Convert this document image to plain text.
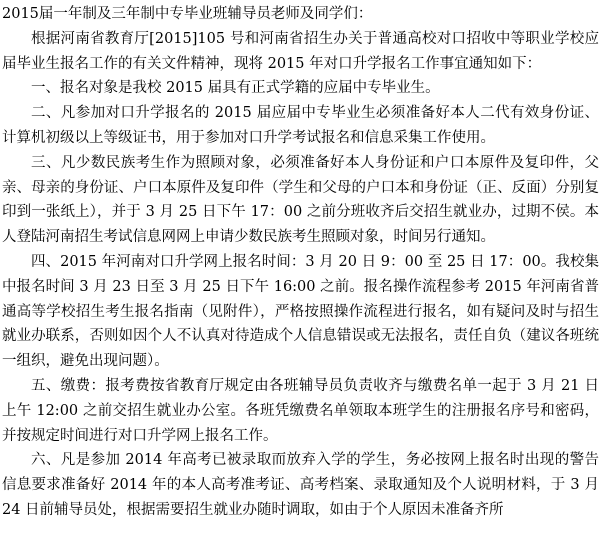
2015届一年制及三年制中专毕业班辅导员老师及同学们：

根据河南省教育厅[2015]105 号和河南省招生办关于普通高校对口招收中等职业学校应届毕业生报名工作的有关文件精神，现将 2015 年对口升学报名工作事宜通知如下：

一、报名对象是我校 2015 届具有正式学籍的应届中专毕业生。

二、凡参加对口升学报名的 2015 届应届中专毕业生必须准备好本人二代有效身份证、计算机初级以上等级证书，用于参加对口升学考试报名和信息采集工作使用。

三、凡少数民族考生作为照顾对象，必须准备好本人身份证和户口本原件及复印件，父亲、母亲的身份证、户口本原件及复印件（学生和父母的户口本和身份证（正、反面）分别复印到一张纸上），并于 3 月 25 日下午 17：00 之前分班收齐后交招生就业办，过期不侯。本人登陆河南招生考试信息网网上申请少数民族考生照顾对象，时间另行通知。

四、2015 年河南对口升学网上报名时间：3 月 20 日 9：00 至 25 日 17：00。我校集中报名时间 3 月 23 日至 3 月 25 日下午 16:00 之前。报名操作流程参考 2015 年河南省普通高等学校招生考生报名指南（见附件），严格按照操作流程进行报名，如有疑问及时与招生就业办联系，否则如因个人不认真对待造成个人信息错误或无法报名，责任自负（建议各班统一组织，避免出现问题）。

五、缴费：报考费按省教育厅规定由各班辅导员负责收齐与缴费名单一起于 3 月 21 日上午 12:00 之前交招生就业办公室。各班凭缴费名单领取本班学生的注册报名序号和密码，并按规定时间进行对口升学网上报名工作。

六、凡是参加 2014 年高考已被录取而放弃入学的学生，务必按网上报名时出现的警告信息要求准备好 2014 年的本人高考准考证、高考档案、录取通知及个人说明材料，于 3 月 24 日前辅导员处，根据需要招生就业办随时调取，如由于个人原因未准备齐所
